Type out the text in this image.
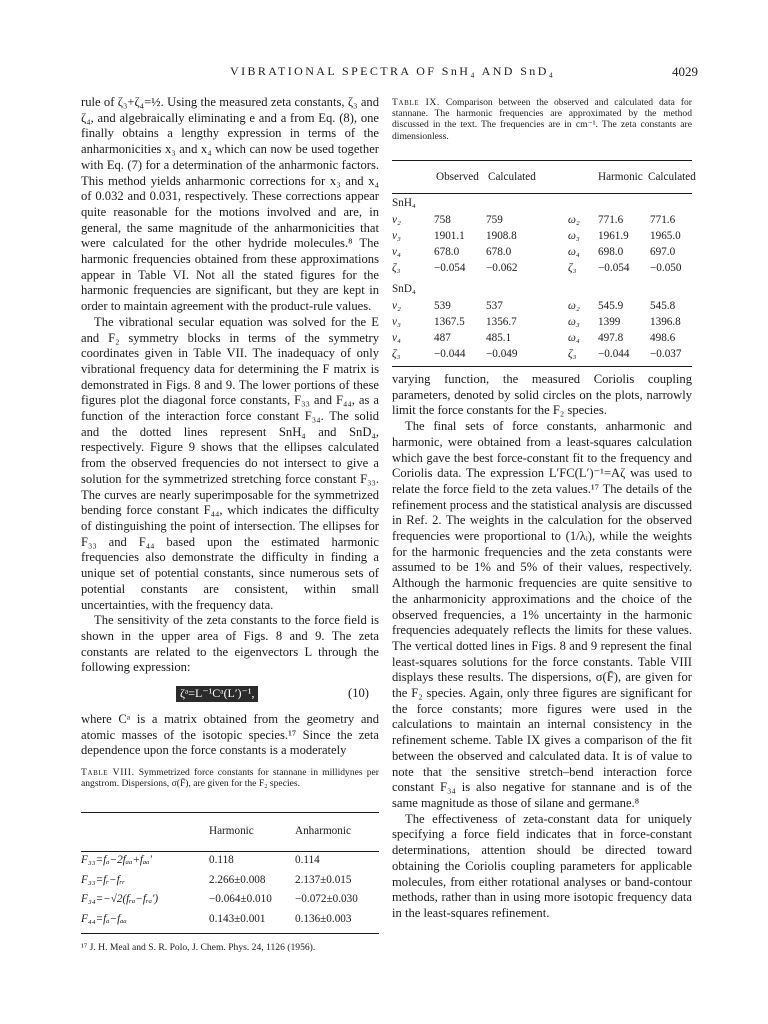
VIBRATIONAL SPECTRA OF SnH₄ AND SnD₄	4029

rule of ζ₃+ζ₄=½. Using the measured zeta constants, ζ₃ and ζ₄, and algebraically eliminating e and a from Eq. (8), one finally obtains a lengthy expression in terms of the anharmonicities x₃ and x₄ which can now be used together with Eq. (7) for a determination of the anharmonic factors. This method yields anharmonic corrections for x₃ and x₄ of 0.032 and 0.031, respectively. These corrections appear quite reasonable for the motions involved and are, in general, the same magnitude of the anharmonicities that were calculated for the other hydride molecules.⁸ The harmonic frequencies obtained from these approximations appear in Table VI. Not all the stated figures for the harmonic frequencies are significant, but they are kept in order to maintain agreement with the product-rule values.

The vibrational secular equation was solved for the E and F₂ symmetry blocks in terms of the symmetry coordinates given in Table VII. The inadequacy of only vibrational frequency data for determining the F matrix is demonstrated in Figs. 8 and 9. The lower portions of these figures plot the diagonal force constants, F₃₃ and F₄₄, as a function of the interaction force constant F₃₄. The solid and the dotted lines represent SnH₄ and SnD₄, respectively. Figure 9 shows that the ellipses calculated from the observed frequencies do not intersect to give a solution for the symmetrized stretching force constant F₃₃. The curves are nearly superimposable for the symmetrized bending force constant F₄₄, which indicates the difficulty of distinguishing the point of intersection. The ellipses for F₃₃ and F₄₄ based upon the estimated harmonic frequencies also demonstrate the difficulty in finding a unique set of potential constants, since numerous sets of potential constants are consistent, within small uncertainties, with the frequency data.

The sensitivity of the zeta constants to the force field is shown in the upper area of Figs. 8 and 9. The zeta constants are related to the eigenvectors L through the following expression:

ζᵃ=L⁻¹Cᵃ(L′)⁻¹,	(10)

where Cᵃ is a matrix obtained from the geometry and atomic masses of the isotopic species.¹⁷ Since the zeta dependence upon the force constants is a moderately

Table VIII. Symmetrized force constants for stannane in millidynes per angstrom. Dispersions, σ(F̄), are given for the F₂ species.

Harmonic	Anharmonic
F₃₃=fₐ−2fₐₐ+fₐₐ′	0.118	0.114
F₃₃=fᵣ−fᵣᵣ	2.266±0.008	2.137±0.015
F₃₄=−√2(fᵣₐ−fᵣₐ′)	−0.064±0.010	−0.072±0.030
F₄₄=fₐ−fₐₐ	0.143±0.001	0.136±0.003
¹⁷ J. H. Meal and S. R. Polo, J. Chem. Phys. 24, 1126 (1956).

Table IX. Comparison between the observed and calculated data for stannane. The harmonic frequencies are approximated by the method discussed in the text. The frequencies are in cm⁻¹. The zeta constants are dimensionless.

Observed Calculated	Harmonic Calculated
SnH₄
ν₂	758	759	ω₂	771.6	771.6
ν₃	1901.1	1908.8	ω₃	1961.9	1965.0
ν₄	678.0	678.0	ω₄	698.0	697.0
ζ₃	−0.054	−0.062	ζ₃	−0.054	−0.050
SnD₄
ν₂	539	537	ω₂	545.9	545.8
ν₃	1367.5	1356.7	ω₃	1399	1396.8
ν₄	487	485.1	ω₄	497.8	498.6
ζ₃	−0.044	−0.049	ζ₃	−0.044	−0.037

varying function, the measured Coriolis coupling parameters, denoted by solid circles on the plots, narrowly limit the force constants for the F₂ species.

The final sets of force constants, anharmonic and harmonic, were obtained from a least-squares calculation which gave the best force-constant fit to the frequency and Coriolis data. The expression L′FC(L′)⁻¹=Aζ was used to relate the force field to the zeta values.¹⁷ The details of the refinement process and the statistical analysis are discussed in Ref. 2. The weights in the calculation for the observed frequencies were proportional to (1/λᵢ), while the weights for the harmonic frequencies and the zeta constants were assumed to be 1% and 5% of their values, respectively. Although the harmonic frequencies are quite sensitive to the anharmonicity approximations and the choice of the observed frequencies, a 1% uncertainty in the harmonic frequencies adequately reflects the limits for these values. The vertical dotted lines in Figs. 8 and 9 represent the final least-squares solutions for the force constants. Table VIII displays these results. The dispersions, σ(F̄), are given for the F₂ species. Again, only three figures are significant for the force constants; more figures were used in the calculations to maintain an internal consistency in the refinement scheme. Table IX gives a comparison of the fit between the observed and calculated data. It is of value to note that the sensitive stretch–bend interaction force constant F₃₄ is also negative for stannane and is of the same magnitude as those of silane and germane.⁸

The effectiveness of zeta-constant data for uniquely specifying a force field indicates that in force-constant determinations, attention should be directed toward obtaining the Coriolis coupling parameters for applicable molecules, from either rotational analyses or band-contour methods, rather than in using more isotopic frequency data in the least-squares refinement.
